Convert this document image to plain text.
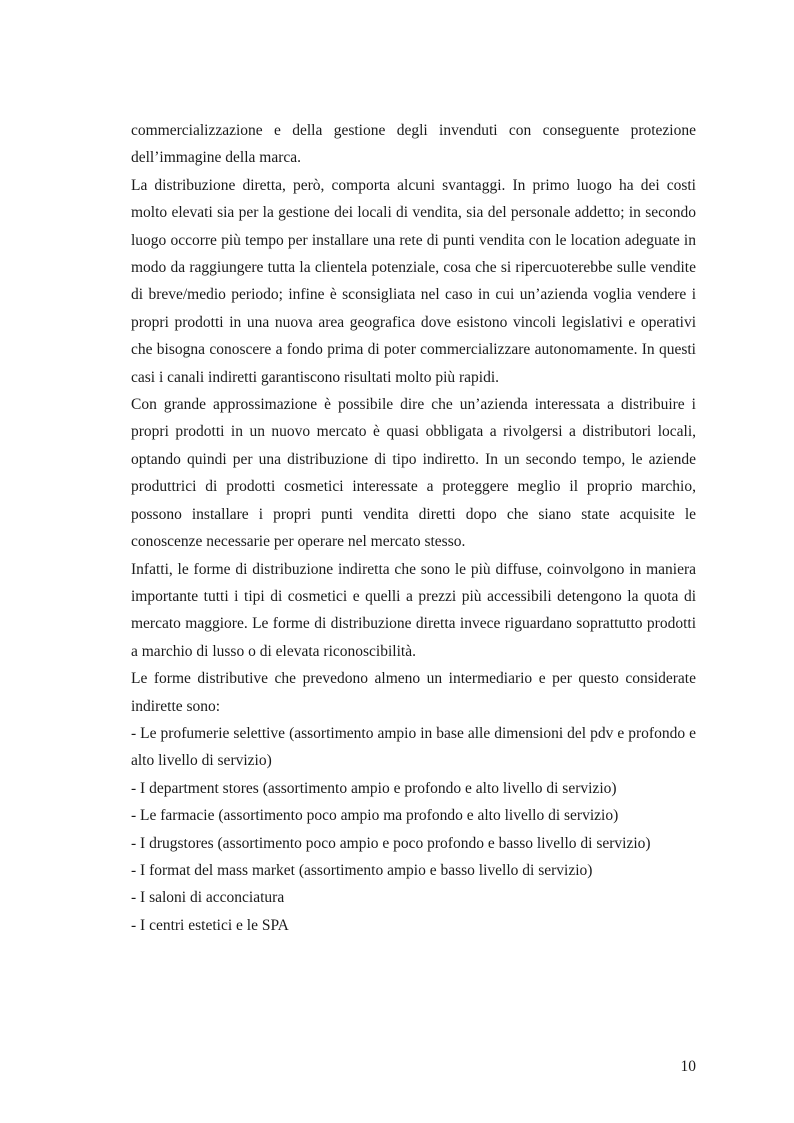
commercializzazione e della gestione degli invenduti con conseguente protezione dell’immagine della marca.

La distribuzione diretta, però, comporta alcuni svantaggi. In primo luogo ha dei costi molto elevati sia per la gestione dei locali di vendita, sia del personale addetto; in secondo luogo occorre più tempo per installare una rete di punti vendita con le location adeguate in modo da raggiungere tutta la clientela potenziale, cosa che si ripercuoterebbe sulle vendite di breve/medio periodo; infine è sconsigliata nel caso in cui un’azienda voglia vendere i propri prodotti in una nuova area geografica dove esistono vincoli legislativi e operativi che bisogna conoscere a fondo prima di poter commercializzare autonomamente. In questi casi i canali indiretti garantiscono risultati molto più rapidi.

Con grande approssimazione è possibile dire che un’azienda interessata a distribuire i propri prodotti in un nuovo mercato è quasi obbligata a rivolgersi a distributori locali, optando quindi per una distribuzione di tipo indiretto. In un secondo tempo, le aziende produttrici di prodotti cosmetici interessate a proteggere meglio il proprio marchio, possono installare i propri punti vendita diretti dopo che siano state acquisite le conoscenze necessarie per operare nel mercato stesso.

Infatti, le forme di distribuzione indiretta che sono le più diffuse, coinvolgono in maniera importante tutti i tipi di cosmetici e quelli a prezzi più accessibili detengono la quota di mercato maggiore. Le forme di distribuzione diretta invece riguardano soprattutto prodotti a marchio di lusso o di elevata riconoscibilità.

Le forme distributive che prevedono almeno un intermediario e per questo considerate indirette sono:

- Le profumerie selettive (assortimento ampio in base alle dimensioni del pdv e profondo e alto livello di servizio)
- I department stores (assortimento ampio e profondo e alto livello di servizio)
- Le farmacie (assortimento poco ampio ma profondo e alto livello di servizio)
- I drugstores (assortimento poco ampio e poco profondo e basso livello di servizio)
- I format del mass market (assortimento ampio e basso livello di servizio)
- I saloni di acconciatura
- I centri estetici e le SPA
10
